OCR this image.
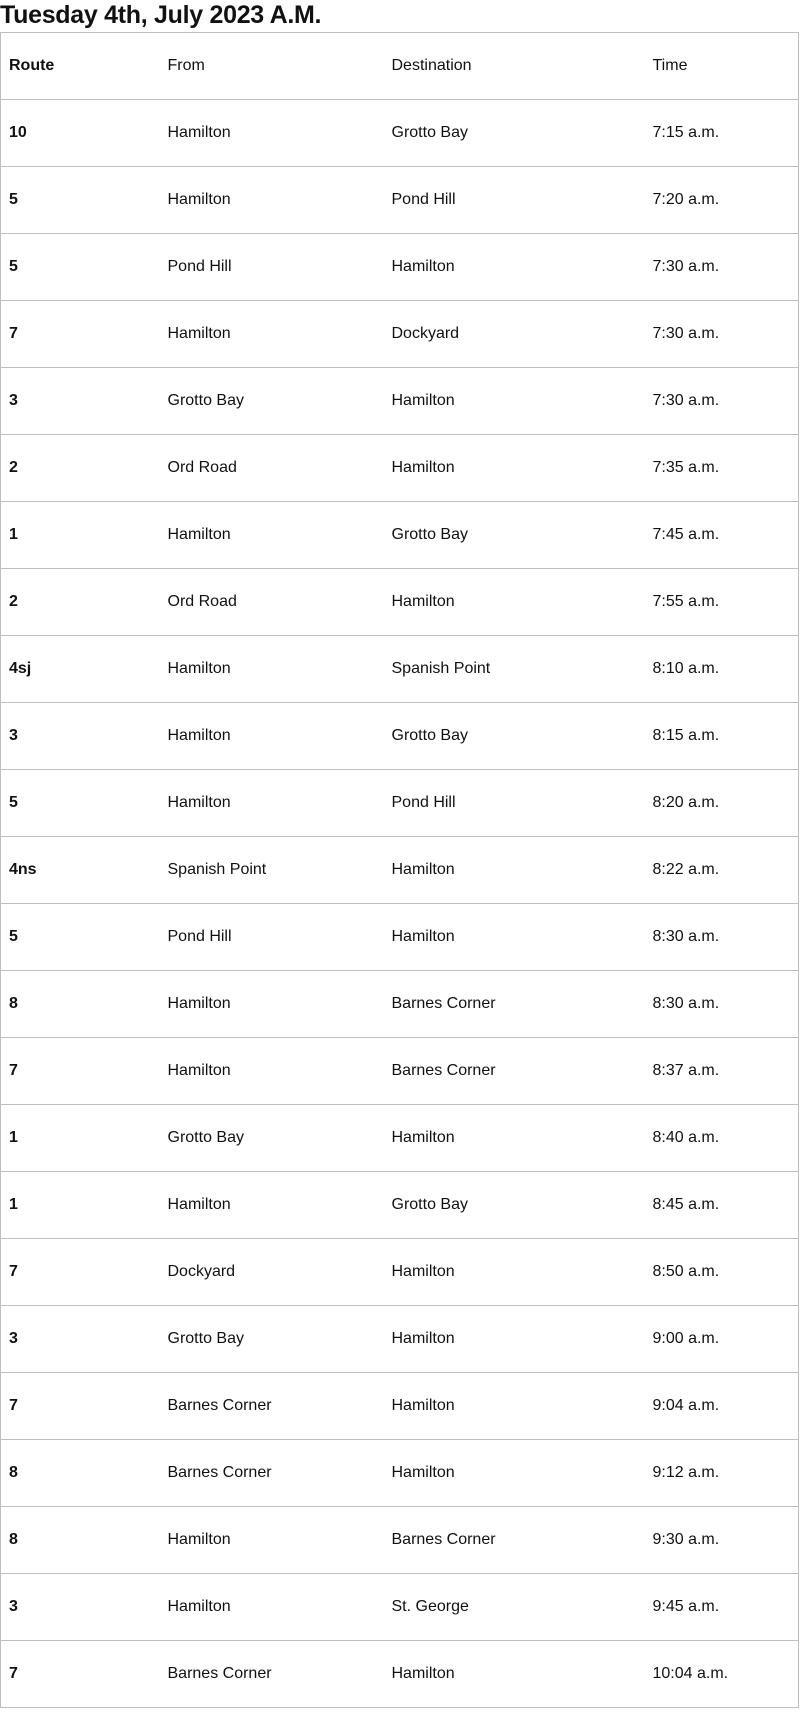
Tuesday 4th, July 2023 A.M.
Route	From	Destination	Time
10	Hamilton	Grotto Bay	7:15 a.m.
5	Hamilton	Pond Hill	7:20 a.m.
5	Pond Hill	Hamilton	7:30 a.m.
7	Hamilton	Dockyard	7:30 a.m.
3	Grotto Bay	Hamilton	7:30 a.m.
2	Ord Road	Hamilton	7:35 a.m.
1	Hamilton	Grotto Bay	7:45 a.m.
2	Ord Road	Hamilton	7:55 a.m.
4sj	Hamilton	Spanish Point	8:10 a.m.
3	Hamilton	Grotto Bay	8:15 a.m.
5	Hamilton	Pond Hill	8:20 a.m.
4ns	Spanish Point	Hamilton	8:22 a.m.
5	Pond Hill	Hamilton	8:30 a.m.
8	Hamilton	Barnes Corner	8:30 a.m.
7	Hamilton	Barnes Corner	8:37 a.m.
1	Grotto Bay	Hamilton	8:40 a.m.
1	Hamilton	Grotto Bay	8:45 a.m.
7	Dockyard	Hamilton	8:50 a.m.
3	Grotto Bay	Hamilton	9:00 a.m.
7	Barnes Corner	Hamilton	9:04 a.m.
8	Barnes Corner	Hamilton	9:12 a.m.
8	Hamilton	Barnes Corner	9:30 a.m.
3	Hamilton	St. George	9:45 a.m.
7	Barnes Corner	Hamilton	10:04 a.m.
